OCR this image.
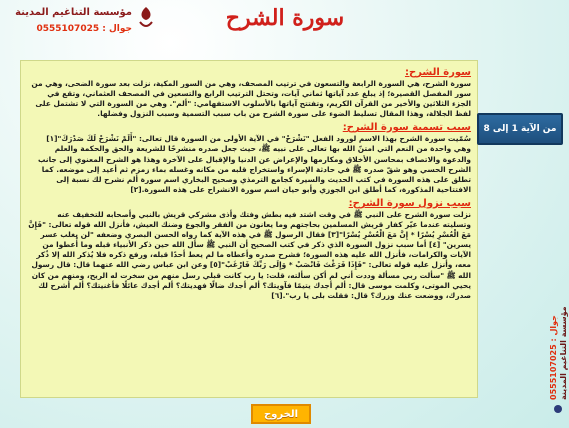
مؤسسة التناغيم المدينة
جوال : 0555107025	سورة الشرح
سورة الشرح:

سورة الشرح، هي السورة الرابعة والتسعون في ترتيب المصحف، وهي من السور المكية، نزلت بعد سورة الضحى، وهي من سور المفصل القصيرة؛ إذ يبلغ عدد آياتها ثماني آيات، وتحتل الترتيب الرابع والتسعين في المصحف العثماني، وتقع في الجزء الثلاثين والأخير من القرآن الكريم، وتفتتح آياتها بالأسلوب الاستفهامي: "ألم". وهي من السورة التي لا تشتمل على لفظ الجلالة، وهذا المقال تسليط الضوء على سورة الشرح من باب سبب التسمية وسبب النزول وفضلها.

سبب تسمية سورة الشرح:

سُمّيت سورة الشرح بهذا الاسم لورود الفعل "نَشْرَحْ" في الآية الأولى من السورة قال تعالى: "أَلَمْ نَشْرَحْ لَكَ صَدْرَكَ"[١] وهي واحدة من النعم التي امتنّ الله بها تعالى على نبيه ﷺ، حيث جعل صدره منشرحًا للشريعة والحق والحكمة والعلم والدعوة والاتصاف بمحاسن الأخلاق ومكارمها والإعراض عن الدنيا والإقبال على الآخرة وهذا هو الشرح المعنوي إلى جانب الشرح الحسي وهو شقّ صدره ﷺ في حادثة الإسراء واستخراج قلبه من مكانه وغسله بماء زمزم ثم أعيد إلى موضعه. كما تطلق على هذه السورة في كتب الحديث والسيرة كجامع الترمذي وصحيح البخاري اسم سورة ألم نشرح لك نسبة إلى الافتتاحية المذكورة، كما أطلق ابن الجوزي وأبو حيان اسم سورة الانشراح على هذه السورة.[٢]

سبب نزول سورة الشرح:

نزلت سورة الشرح على النبي ﷺ في وقت اشتد فيه بطش وفتك وأذى مشركي قريش بالنبي وأصحابه للتخفيف عنه وتسليته عندما عيّر كفار قريش المسلمين بحاجتهم وما يعانون من الفقر والجوع وضنك العيش، فأنزل الله قوله تعالى: "فَإِنَّ مَعَ الْعُسْرِ يُسْرًا * إِنَّ مَعَ الْعُسْرِ يُسْرًا"[٣] فقال الرسول ﷺ في هذه الآية كما رواه الحسن البصري وضعفه "لن يغلب عسر يسرين" [٤] أما سبب نزول السورة الذي ذكر في كتب الصحيح أن النبي ﷺ سأل الله حين ذكر الأنبياء قبله وما أُعطوا من الآيات والكرامات، فأنزل الله عليه هذه السورة؛ فشرح صدره وأعطاه ما لم يعط أحدًا قبله، ورفع ذكره فلا يُذكر الله إلا ذُكر معه، وأنزل عليه قوله تعالى: "فَإِذَا فَرَغْتَ فَانْصَبْ * وَإِلَى رَبِّكَ فَارْغَبْ"[٥] وعن ابن عباس رضي الله عنهما قال: قال رسول الله ﷺ "سألت ربي مسألة وددت أني لم أكن سألته، قلت: يا رب كانت قبلي رسل منهم من سخرت له الريح، ومنهم من كان يحيي الموتى، وكلمت موسى قال: ألم أجدك يتيمًا فآويتك؟ ألم أجدك ضالًا فهديتك؟ ألم أجدك عائلًا فأغنيتك؟ ألم أشرح لك صدرك، ووضعت عنك وزرك؟ قال: فقلت بلى يا رب".[٦]

من الآية 1 إلى 8
جوال : 0555107025 مؤسسة التناغيم المدينة
الخروج
